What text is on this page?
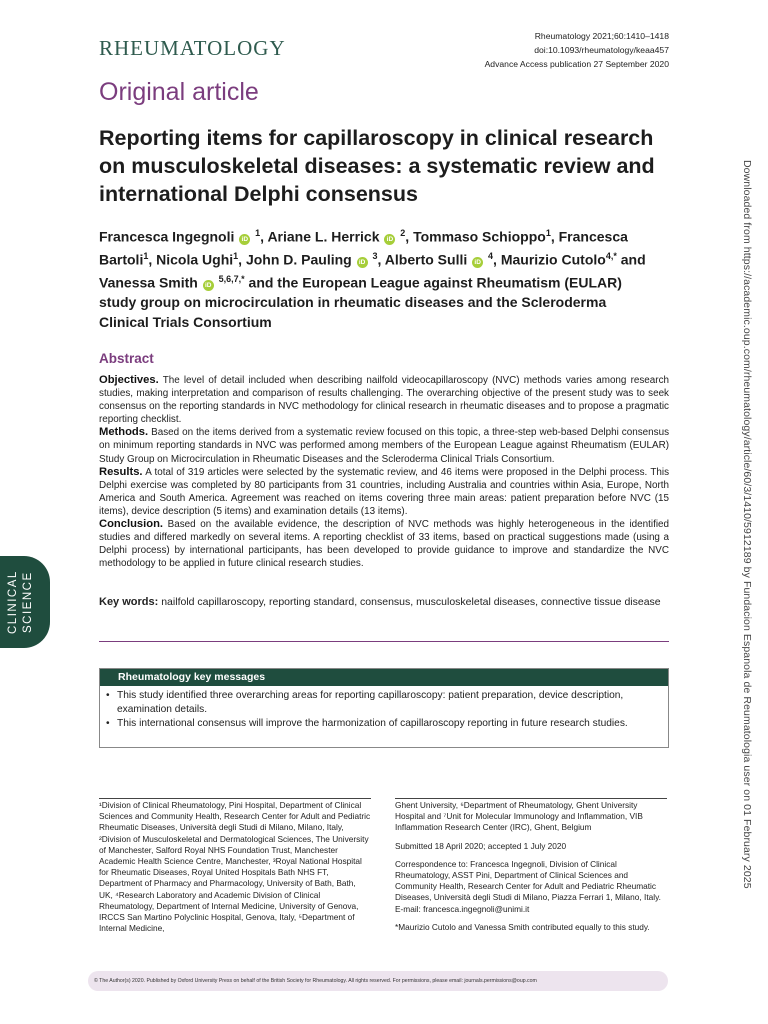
RHEUMATOLOGY	Rheumatology 2021;60:1410–1418
doi:10.1093/rheumatology/keaa457
Advance Access publication 27 September 2020
Original article
Reporting items for capillaroscopy in clinical research on musculoskeletal diseases: a systematic review and international Delphi consensus
Francesca Ingegnoli iD $^1$, Ariane L. Herrick iD $^2$, Tommaso Schioppo$^1$, Francesca Bartoli$^1$, Nicola Ughi$^1$, John D. Pauling iD $^3$, Alberto Sulli iD $^4$, Maurizio Cutolo$^{4,*}$ and Vanessa Smith iD $^{5,6,7,*}$ and the European League against Rheumatism (EULAR) study group on microcirculation in rheumatic diseases and the Scleroderma Clinical Trials Consortium
Abstract

Objectives. The level of detail included when describing nailfold videocapillaroscopy (NVC) methods varies among research studies, making interpretation and comparison of results challenging. The overarching objective of the present study was to seek consensus on the reporting standards in NVC methodology for clinical research in rheumatic diseases and to propose a pragmatic reporting checklist.

Methods. Based on the items derived from a systematic review focused on this topic, a three-step web-based Delphi consensus on minimum reporting standards in NVC was performed among members of the European League against Rheumatism (EULAR) Study Group on Microcirculation in Rheumatic Diseases and the Scleroderma Clinical Trials Consortium.

Results. A total of 319 articles were selected by the systematic review, and 46 items were proposed in the Delphi process. This Delphi exercise was completed by 80 participants from 31 countries, including Australia and countries within Asia, Europe, North America and South America. Agreement was reached on items covering three main areas: patient preparation before NVC (15 items), device description (5 items) and examination details (13 items).

Conclusion. Based on the available evidence, the description of NVC methods was highly heterogeneous in the identified studies and differed markedly on several items. A reporting checklist of 33 items, based on practical suggestions made (using a Delphi process) by international participants, has been developed to provide guidance to improve and standardize the NVC methodology to be applied in future clinical research studies.

Key words: nailfold capillaroscopy, reporting standard, consensus, musculoskeletal diseases, connective tissue disease
Rheumatology key messages
• This study identified three overarching areas for reporting capillaroscopy: patient preparation, device description, examination details.
• This international consensus will improve the harmonization of capillaroscopy reporting in future research studies.

¹Division of Clinical Rheumatology, Pini Hospital, Department of Clinical Sciences and Community Health, Research Center for Adult and Pediatric Rheumatic Diseases, Università degli Studi di Milano, Milano, Italy, ²Division of Musculoskeletal and Dermatological Sciences, The University of Manchester, Salford Royal NHS Foundation Trust, Manchester Academic Health Science Centre, Manchester, ³Royal National Hospital for Rheumatic Diseases, Royal United Hospitals Bath NHS FT, Department of Pharmacy and Pharmacology, University of Bath, Bath, UK, ⁴Research Laboratory and Academic Division of Clinical Rheumatology, Department of Internal Medicine, University of Genova, IRCCS San Martino Polyclinic Hospital, Genova, Italy, ⁵Department of Internal Medicine,

Ghent University, ⁶Department of Rheumatology, Ghent University Hospital and ⁷Unit for Molecular Immunology and Inflammation, VIB Inflammation Research Center (IRC), Ghent, Belgium

Submitted 18 April 2020; accepted 1 July 2020

Correspondence to: Francesca Ingegnoli, Division of Clinical Rheumatology, ASST Pini, Department of Clinical Sciences and Community Health, Research Center for Adult and Pediatric Rheumatic Diseases, Università degli Studi di Milano, Piazza Ferrari 1, Milano, Italy. E-mail: francesca.ingegnoli@unimi.it

*Maurizio Cutolo and Vanessa Smith contributed equally to this study.

Downloaded from https://academic.oup.com/rheumatology/article/60/3/1410/5912189 by Fundacion Espanola de Reumatologia user on 01 February 2025
CLINICAL SCIENCE
© The Author(s) 2020. Published by Oxford University Press on behalf of the British Society for Rheumatology. All rights reserved. For permissions, please email: journals.permissions@oup.com
